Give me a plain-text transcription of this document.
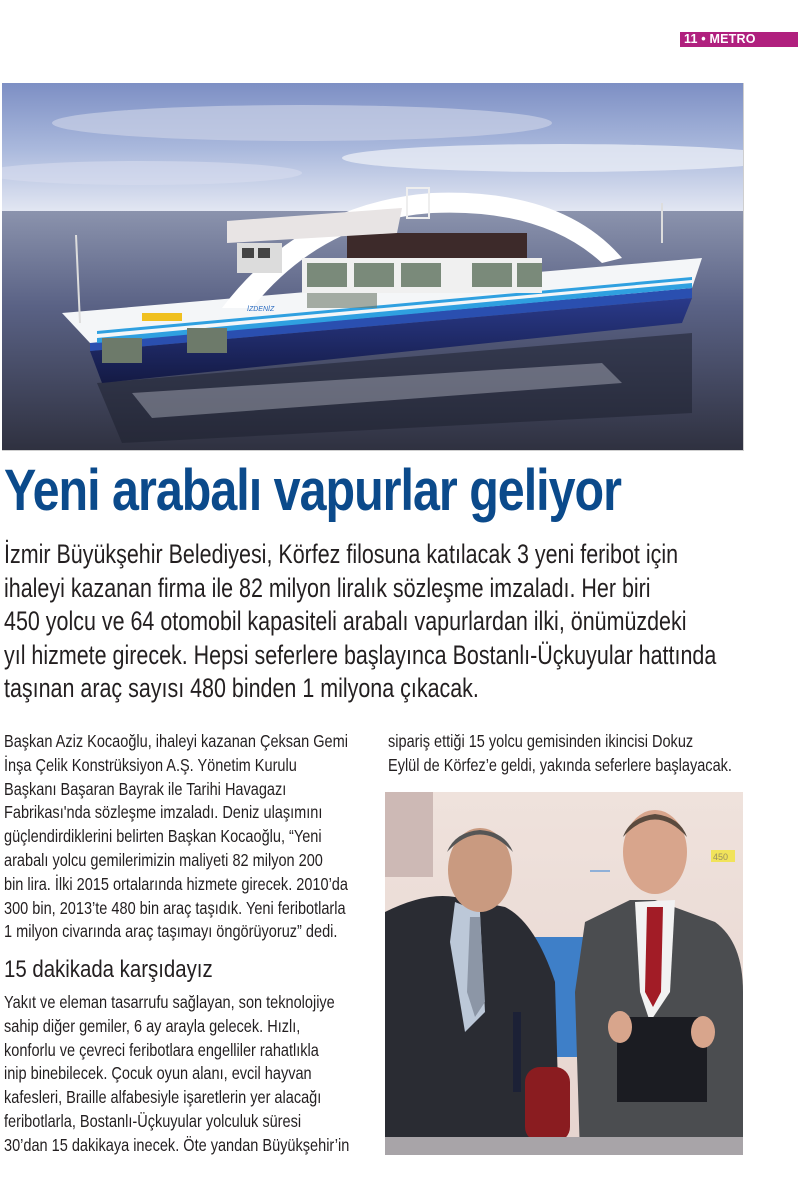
11 • METRO
İZDENİZ
Yeni arabalı vapurlar geliyor
İzmir Büyükşehir Belediyesi, Körfez filosuna katılacak 3 yeni feribot için
ihaleyi kazanan firma ile 82 milyon liralık sözleşme imzaladı. Her biri
450 yolcu ve 64 otomobil kapasiteli arabalı vapurlardan ilki, önümüzdeki
yıl hizmete girecek. Hepsi seferlere başlayınca Bostanlı-Üçkuyular hattında
taşınan araç sayısı 480 binden 1 milyona çıkacak.
Başkan Aziz Kocaoğlu, ihaleyi kazanan Çeksan Gemi
İnşa Çelik Konstrüksiyon A.Ş. Yönetim Kurulu
Başkanı Başaran Bayrak ile Tarihi Havagazı
Fabrikası'nda sözleşme imzaladı. Deniz ulaşımını
güçlendirdiklerini belirten Başkan Kocaoğlu, “Yeni
arabalı yolcu gemilerimizin maliyeti 82 milyon 200
bin lira. İlki 2015 ortalarında hizmete girecek. 2010’da
300 bin, 2013’te 480 bin araç taşıdık. Yeni feribotlarla
1 milyon civarında araç taşımayı öngörüyoruz” dedi.
15 dakikada karşıdayız
Yakıt ve eleman tasarrufu sağlayan, son teknolojiye
sahip diğer gemiler, 6 ay arayla gelecek. Hızlı,
konforlu ve çevreci feribotlara engelliler rahatlıkla
inip binebilecek. Çocuk oyun alanı, evcil hayvan
kafesleri, Braille alfabesiyle işaretlerin yer alacağı
feribotlarla, Bostanlı-Üçkuyular yolculuk süresi
30’dan 15 dakikaya inecek. Öte yandan Büyükşehir’in
sipariş ettiği 15 yolcu gemisinden ikincisi Dokuz
Eylül de Körfez’e geldi, yakında seferlere başlayacak.
450
